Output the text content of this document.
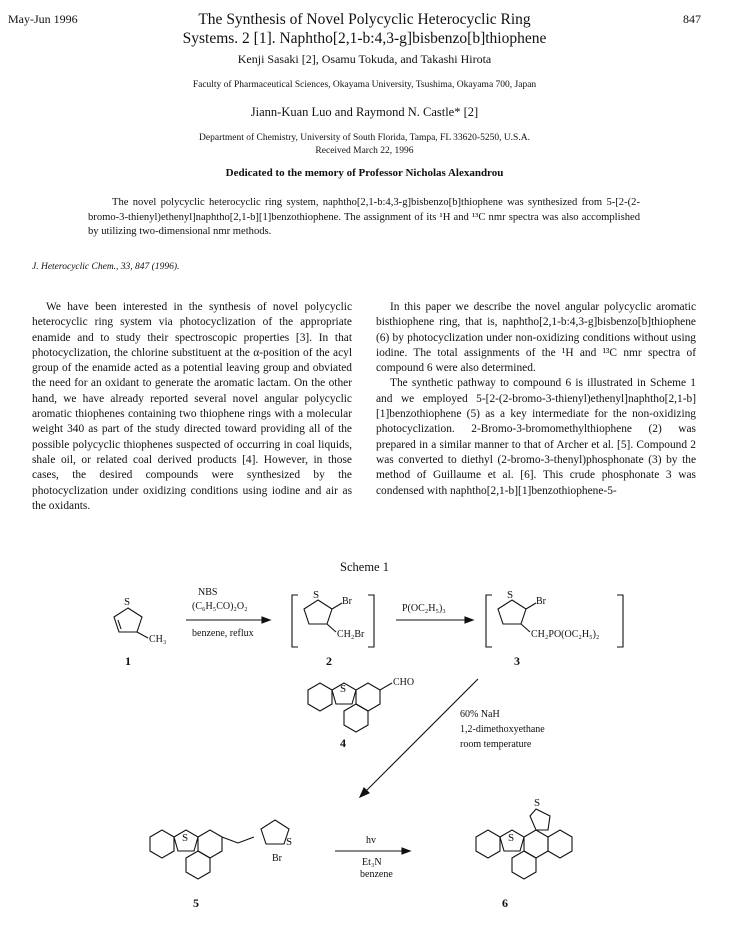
May-Jun 1996	847
The Synthesis of Novel Polycyclic Heterocyclic Ring
Systems. 2 [1]. Naphtho[2,1-b:4,3-g]bisbenzo[b]thiophene
Kenji Sasaki [2], Osamu Tokuda, and Takashi Hirota
Faculty of Pharmaceutical Sciences, Okayama University, Tsushima, Okayama 700, Japan
Jiann-Kuan Luo and Raymond N. Castle* [2]
Department of Chemistry, University of South Florida, Tampa, FL 33620-5250, U.S.A.
Received March 22, 1996
Dedicated to the memory of Professor Nicholas Alexandrou
The novel polycyclic heterocyclic ring system, naphtho[2,1-b:4,3-g]bisbenzo[b]thiophene was synthesized from 5-[2-(2-bromo-3-thienyl)ethenyl]naphtho[2,1-b][1]benzothiophene. The assignment of its ¹H and ¹³C nmr spectra was also accomplished by utilizing two-dimensional nmr methods.
J. Heterocyclic Chem., 33, 847 (1996).

We have been interested in the synthesis of novel polycyclic heterocyclic ring system via photocyclization of the appropriate enamide and to study their spectroscopic properties [3]. In that photocyclization, the chlorine substituent at the α-position of the acyl group of the enamide acted as a potential leaving group and obviated the need for an oxidant to generate the aromatic lactam. On the other hand, we have already reported several novel angular polycyclic aromatic thiophenes containing two thiophene rings with a molecular weight 340 as part of the study directed toward providing all of the possible polycyclic thiophenes suspected of occurring in coal liquids, shale oil, or related coal derived products [4]. However, in those cases, the desired compounds were synthesized by the photocyclization under oxidizing conditions using iodine and air as the oxidants.

In this paper we describe the novel angular polycyclic aromatic bisthiophene ring, that is, naphtho[2,1-b:4,3-g]bisbenzo[b]thiophene (6) by photocyclization under non-oxidizing conditions without using iodine. The total assignments of the ¹H and ¹³C nmr spectra of compound 6 were also determined.

The synthetic pathway to compound 6 is illustrated in Scheme 1 and we employed 5-[2-(2-bromo-3-thienyl)ethenyl]naphtho[2,1-b][1]benzothiophene (5) as a key intermediate for the non-oxidizing photocyclization. 2-Bromo-3-bromomethylthiophene (2) was prepared in a similar manner to that of Archer et al. [5]. Compound 2 was converted to diethyl (2-bromo-3-thenyl)phosphonate (3) by the method of Guillaume et al. [6]. This crude phosphonate 3 was condensed with naphtho[2,1-b][1]benzothiophene-5-

Scheme 1
S
CH₃
1
NBS
(C₆H₅CO)₂O₂
benzene, reflux
S
Br
CH₂Br
2
P(OC₂H₅)₃
S
Br
CH₂PO(OC₂H₅)₂
3
S
CHO
4
60% NaH
1,2-dimethoxyethane
room temperature
S	S
Br
5
hv
Et₃N
benzene
S
S
6
